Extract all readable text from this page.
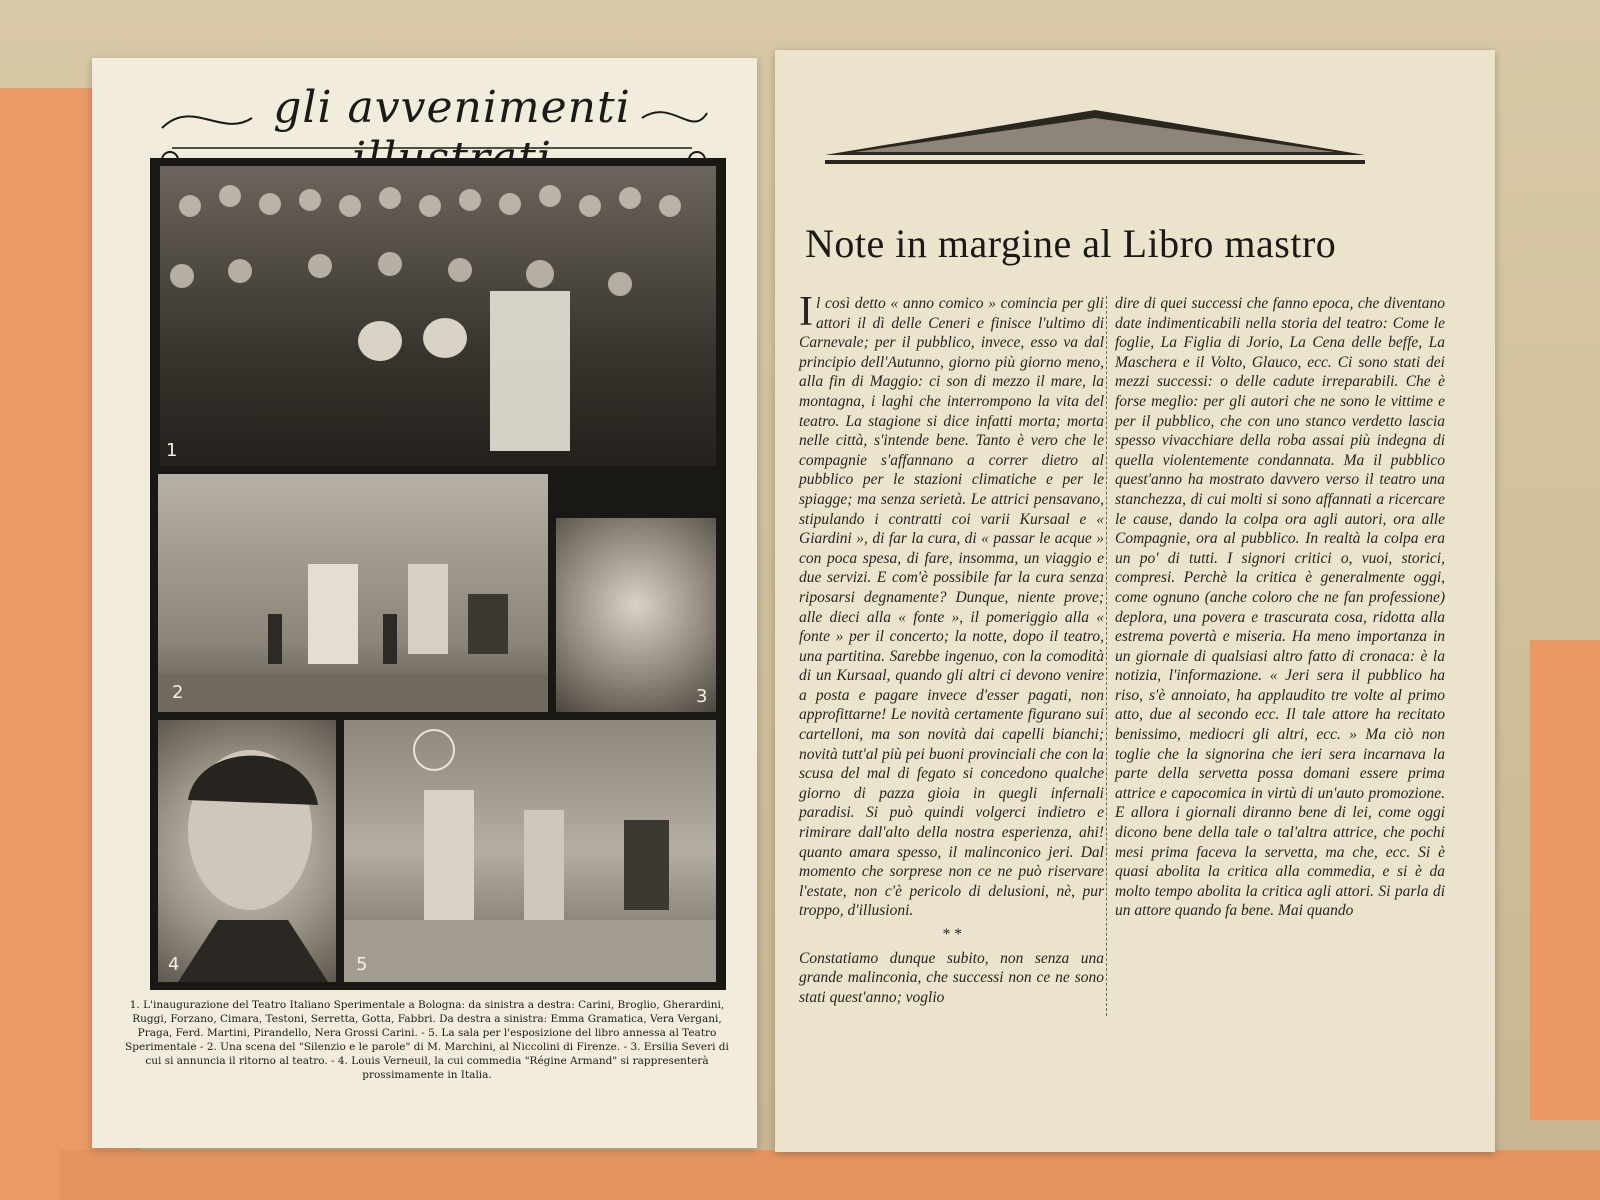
gli avvenimenti
1
2	3
4	5
1. L'inaugurazione del Teatro Italiano Sperimentale a Bologna: da sinistra a destra: Carini, Broglio, Gherardini, Ruggi, Forzano, Cimara, Testoni, Serretta, Gotta, Fabbri. Da destra a sinistra: Emma Gramatica, Vera Vergani, Praga, Ferd. Martini, Pirandello, Nera Grossi Carini. - 5. La sala per l'esposizione del libro annessa al Teatro Sperimentale - 2. Una scena del "Silenzio e le parole" di M. Marchini, al Niccolini di Firenze. - 3. Ersilia Severi di cui si annuncia il ritorno al teatro. - 4. Louis Verneuil, la cui commedia "Régine Armand" si rappresenterà prossimamente in Italia.
Note in margine al Libro mastro
I l così detto « anno comico » comincia per gli attori il dì delle Ceneri e finisce l'ultimo di Carnevale; per il pubblico, invece, esso va dal principio dell'Autunno, giorno più giorno meno, alla fin di Maggio: ci son di mezzo il mare, la montagna, i laghi che interrompono la vita del teatro. La stagione si dice infatti morta; morta nelle città, s'intende bene. Tanto è vero che le compagnie s'affannano a correr dietro al pubblico per le stazioni climatiche e per le spiagge; ma senza serietà. Le attrici pensavano, stipulando i contratti coi varii Kursaal e « Giardini », di far la cura, di « passar le acque » con poca spesa, di fare, insomma, un viaggio e due servizi. E com'è possibile far la cura senza riposarsi degnamente? Dunque, niente prove; alle dieci alla « fonte », il pomeriggio alla « fonte » per il concerto; la notte, dopo il teatro, una partitina. Sarebbe ingenuo, con la comodità di un Kursaal, quando gli altri ci devono venire a posta e pagare invece d'esser pagati, non approfittarne! Le novità certamente figurano sui cartelloni, ma son novità dai capelli bianchi; novità tutt'al più pei buoni provinciali che con la scusa del mal di fegato si concedono qualche giorno di pazza gioia in quegli infernali paradisi. Si può quindi volgerci indietro e rimirare dall'alto della nostra esperienza, ahi! quanto amara spesso, il malinconico jeri. Dal momento che sorprese non ce ne può riservare l'estate, non c'è pericolo di delusioni, nè, pur troppo, d'illusioni.
* *
Constatiamo dunque subito, non senza una grande malinconia, che successi non ce ne sono stati quest'anno; voglio
dire di quei successi che fanno epoca, che diventano date indimenticabili nella storia del teatro: Come le foglie, La Figlia di Jorio, La Cena delle beffe, La Maschera e il Volto, Glauco, ecc. Ci sono stati dei mezzi successi: o delle cadute irreparabili. Che è forse meglio: per gli autori che ne sono le vittime e per il pubblico, che con uno stanco verdetto lascia spesso vivacchiare della roba assai più indegna di quella violentemente condannata. Ma il pubblico quest'anno ha mostrato davvero verso il teatro una stanchezza, di cui molti si sono affannati a ricercare le cause, dando la colpa ora agli autori, ora alle Compagnie, ora al pubblico. In realtà la colpa era un po' di tutti. I signori critici o, vuoi, storici, compresi. Perchè la critica è generalmente oggi, come ognuno (anche coloro che ne fan professione) deplora, una povera e trascurata cosa, ridotta alla estrema povertà e miseria. Ha meno importanza in un giornale di qualsiasi altro fatto di cronaca: è la notizia, l'informazione. « Jeri sera il pubblico ha riso, s'è annoiato, ha applaudito tre volte al primo atto, due al secondo ecc. Il tale attore ha recitato benissimo, mediocri gli altri, ecc. » Ma ciò non toglie che la signorina che ieri sera incarnava la parte della servetta possa domani essere prima attrice e capocomica in virtù di un'auto promozione. E allora i giornali diranno bene di lei, come oggi dicono bene della tale o tal'altra attrice, che pochi mesi prima faceva la servetta, ma che, ecc. Si è quasi abolita la critica alla commedia, e si è da molto tempo abolita la critica agli attori. Si parla di un attore quando fa bene. Mai quando
